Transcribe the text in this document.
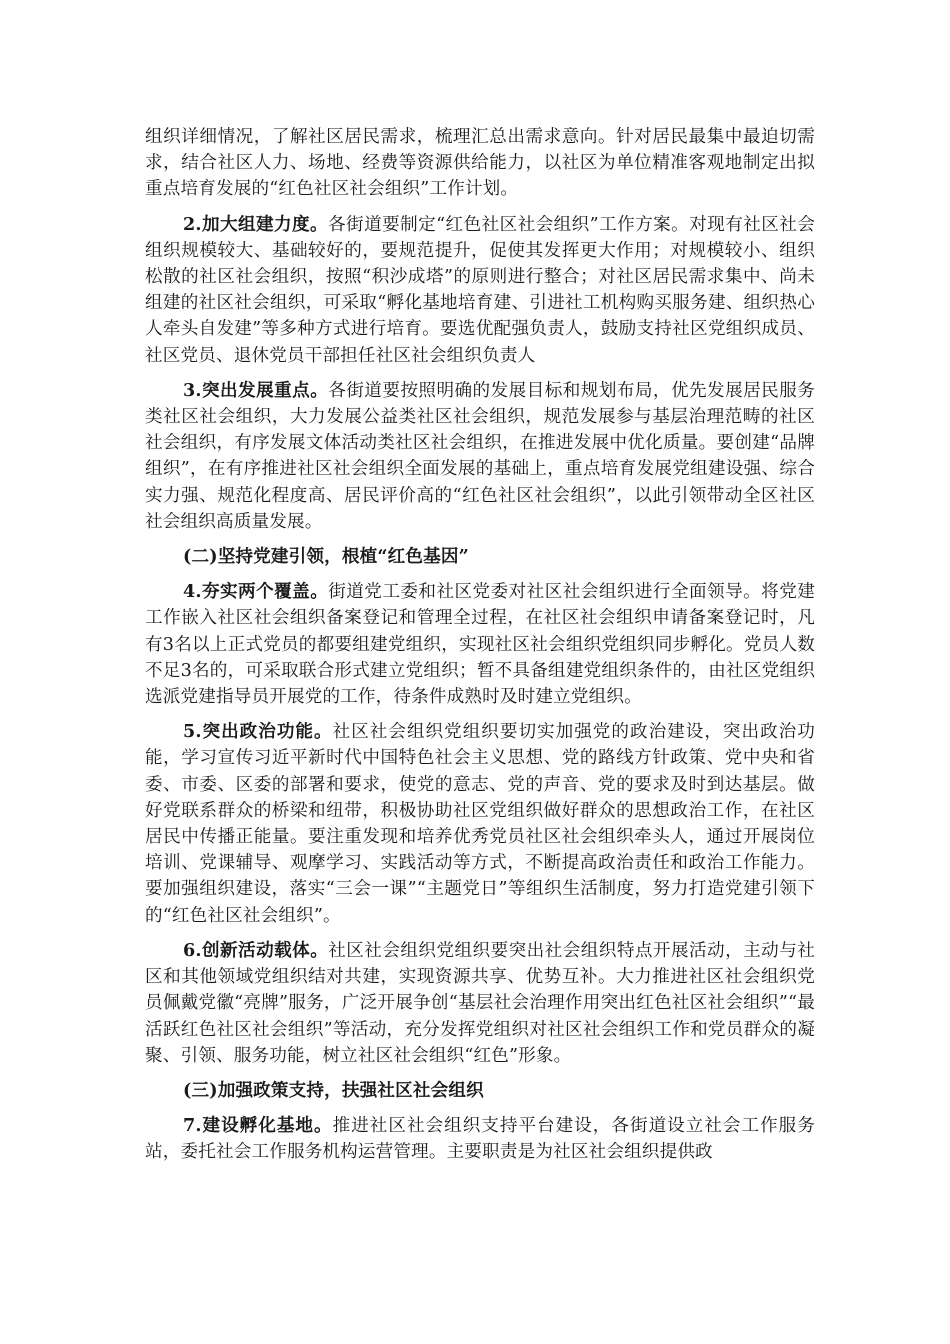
组织详细情况，了解社区居民需求，梳理汇总出需求意向。针对居民最集中最迫切需求，结合社区人力、场地、经费等资源供给能力，以社区为单位精准客观地制定出拟重点培育发展的“红色社区社会组织”工作计划。

2.加大组建力度。各街道要制定“红色社区社会组织”工作方案。对现有社区社会组织规模较大、基础较好的，要规范提升，促使其发挥更大作用；对规模较小、组织松散的社区社会组织，按照“积沙成塔”的原则进行整合；对社区居民需求集中、尚未组建的社区社会组织，可采取“孵化基地培育建、引进社工机构购买服务建、组织热心人牵头自发建”等多种方式进行培育。要选优配强负责人，鼓励支持社区党组织成员、社区党员、退休党员干部担任社区社会组织负责人

3.突出发展重点。各街道要按照明确的发展目标和规划布局，优先发展居民服务类社区社会组织，大力发展公益类社区社会组织，规范发展参与基层治理范畴的社区社会组织，有序发展文体活动类社区社会组织，在推进发展中优化质量。要创建“品牌组织”，在有序推进社区社会组织全面发展的基础上，重点培育发展党组建设强、综合实力强、规范化程度高、居民评价高的“红色社区社会组织”，以此引领带动全区社区社会组织高质量发展。

(二)坚持党建引领，根植“红色基因”

4.夯实两个覆盖。街道党工委和社区党委对社区社会组织进行全面领导。将党建工作嵌入社区社会组织备案登记和管理全过程，在社区社会组织申请备案登记时，凡有3名以上正式党员的都要组建党组织，实现社区社会组织党组织同步孵化。党员人数不足3名的，可采取联合形式建立党组织；暂不具备组建党组织条件的，由社区党组织选派党建指导员开展党的工作，待条件成熟时及时建立党组织。

5.突出政治功能。社区社会组织党组织要切实加强党的政治建设，突出政治功能，学习宣传习近平新时代中国特色社会主义思想、党的路线方针政策、党中央和省委、市委、区委的部署和要求，使党的意志、党的声音、党的要求及时到达基层。做好党联系群众的桥梁和纽带，积极协助社区党组织做好群众的思想政治工作，在社区居民中传播正能量。要注重发现和培养优秀党员社区社会组织牵头人，通过开展岗位培训、党课辅导、观摩学习、实践活动等方式，不断提高政治责任和政治工作能力。要加强组织建设，落实“三会一课”“主题党日”等组织生活制度，努力打造党建引领下的“红色社区社会组织”。

6.创新活动载体。社区社会组织党组织要突出社会组织特点开展活动，主动与社区和其他领域党组织结对共建，实现资源共享、优势互补。大力推进社区社会组织党员佩戴党徽“亮牌”服务，广泛开展争创“基层社会治理作用突出红色社区社会组织”“最活跃红色社区社会组织”等活动，充分发挥党组织对社区社会组织工作和党员群众的凝聚、引领、服务功能，树立社区社会组织“红色”形象。

(三)加强政策支持，扶强社区社会组织

7.建设孵化基地。推进社区社会组织支持平台建设，各街道设立社会工作服务站，委托社会工作服务机构运营管理。主要职责是为社区社会组织提供政
